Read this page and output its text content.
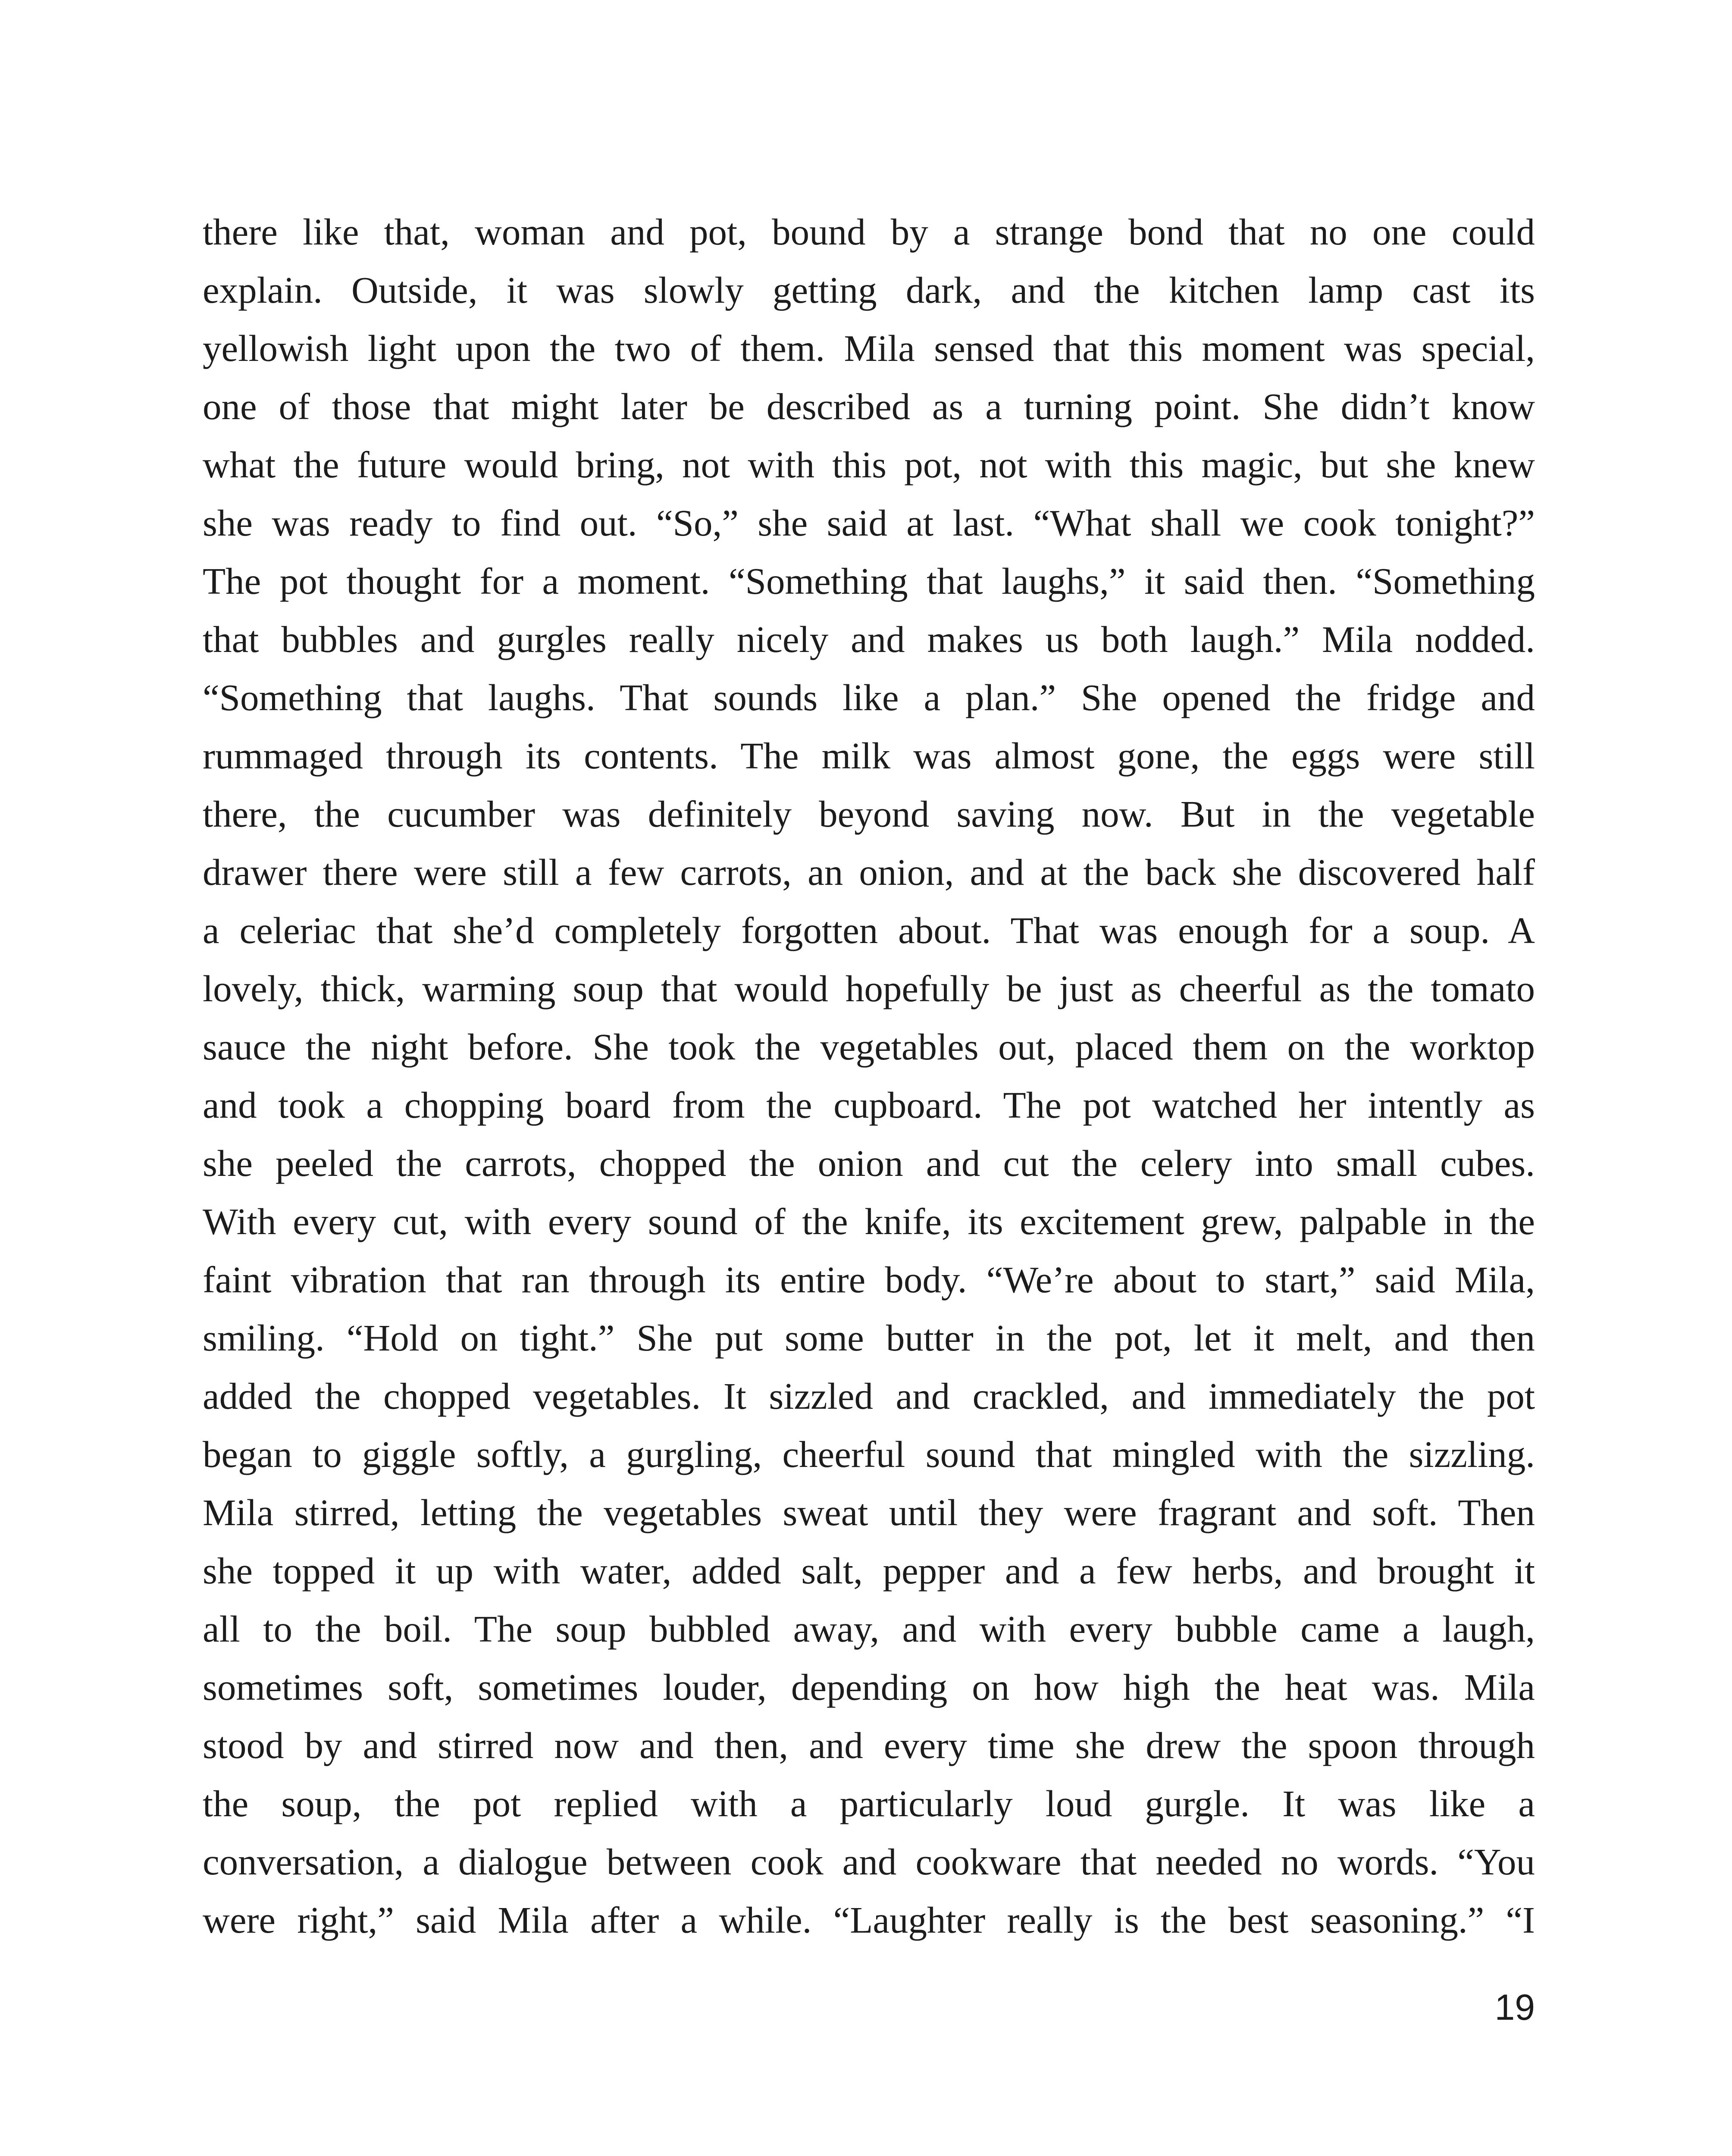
there like that, woman and pot, bound by a strange bond that no one could
explain. Outside, it was slowly getting dark, and the kitchen lamp cast its
yellowish light upon the two of them. Mila sensed that this moment was special,
one of those that might later be described as a turning point. She didn’t know
what the future would bring, not with this pot, not with this magic, but she knew
she was ready to find out. “So,” she said at last. “What shall we cook tonight?”
The pot thought for a moment. “Something that laughs,” it said then. “Something
that bubbles and gurgles really nicely and makes us both laugh.” Mila nodded.
“Something that laughs. That sounds like a plan.” She opened the fridge and
rummaged through its contents. The milk was almost gone, the eggs were still
there, the cucumber was definitely beyond saving now. But in the vegetable
drawer there were still a few carrots, an onion, and at the back she discovered half
a celeriac that she’d completely forgotten about. That was enough for a soup. A
lovely, thick, warming soup that would hopefully be just as cheerful as the tomato
sauce the night before. She took the vegetables out, placed them on the worktop
and took a chopping board from the cupboard. The pot watched her intently as
she peeled the carrots, chopped the onion and cut the celery into small cubes.
With every cut, with every sound of the knife, its excitement grew, palpable in the
faint vibration that ran through its entire body. “We’re about to start,” said Mila,
smiling. “Hold on tight.” She put some butter in the pot, let it melt, and then
added the chopped vegetables. It sizzled and crackled, and immediately the pot
began to giggle softly, a gurgling, cheerful sound that mingled with the sizzling.
Mila stirred, letting the vegetables sweat until they were fragrant and soft. Then
she topped it up with water, added salt, pepper and a few herbs, and brought it
all to the boil. The soup bubbled away, and with every bubble came a laugh,
sometimes soft, sometimes louder, depending on how high the heat was. Mila
stood by and stirred now and then, and every time she drew the spoon through
the soup, the pot replied with a particularly loud gurgle. It was like a
conversation, a dialogue between cook and cookware that needed no words. “You
were right,” said Mila after a while. “Laughter really is the best seasoning.” “I
19
